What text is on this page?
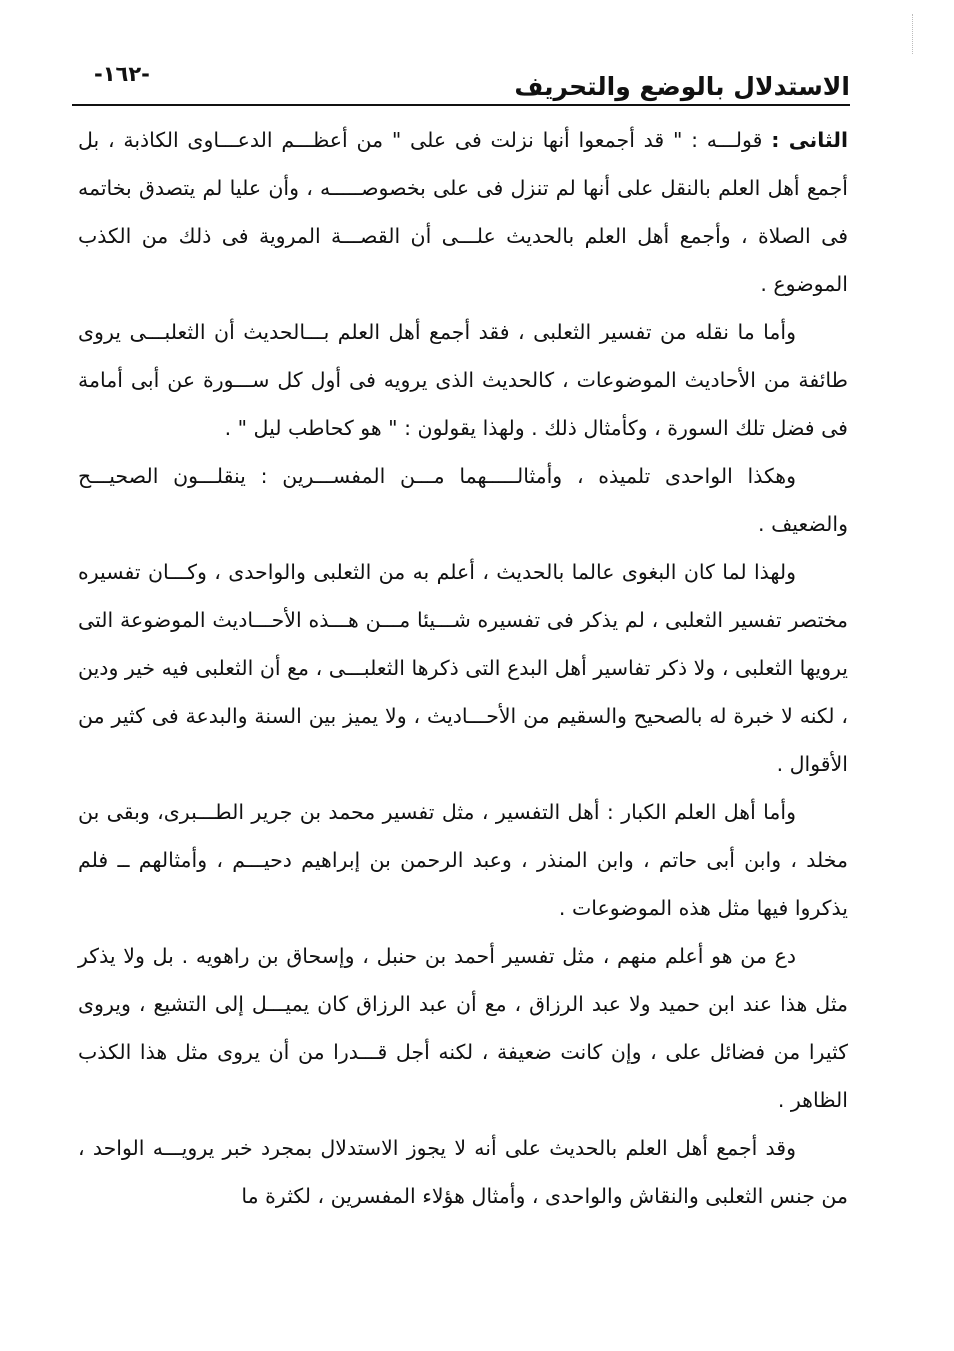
-١٦٢-	الاستدلال بالوضع والتحريف

الثانى : قولـــه : " قد أجمعوا أنها نزلت فى على " من أعظـــم الدعـــاوى الكاذبة ، بل أجمع أهل العلم بالنقل على أنها لم تنزل فى على بخصوصـــــه ، وأن عليا لم يتصدق بخاتمه فى الصلاة ، وأجمع أهل العلم بالحديث علـــى أن القصـــة المروية فى ذلك من الكذب الموضوع .

وأما ما نقله من تفسير الثعلبى ، فقد أجمع أهل العلم بـــالحديث أن الثعلبـــى يروى طائفة من الأحاديث الموضوعات ، كالحديث الذى يرويه فى أول كل ســـورة عن أبى أمامة فى فضل تلك السورة ، وكأمثال ذلك . ولهذا يقولون : " هو كحاطب ليل " .

وهكذا الواحدى تلميذه ، وأمثالـــــهما مـــن المفســـرين : ينقلـــون الصحيـــح والضعيف .

ولهذا لما كان البغوى عالما بالحديث ، أعلم به من الثعلبى والواحدى ، وكـــان تفسيره مختصر تفسير الثعلبى ، لم يذكر فى تفسيره شـــيئا مـــن هـــذه الأحـــاديث الموضوعة التى يرويها الثعلبى ، ولا ذكر تفاسير أهل البدع التى ذكرها الثعلبـــى ، مع أن الثعلبى فيه خير ودين ، لكنه لا خبرة له بالصحيح والسقيم من الأحـــاديث ، ولا يميز بين السنة والبدعة فى كثير من الأقوال .

وأما أهل العلم الكبار : أهل التفسير ، مثل تفسير محمد بن جرير الطـــبرى، وبقى بن مخلد ، وابن أبى حاتم ، وابن المنذر ، وعبد الرحمن بن إبراهيم دحيـــم ، وأمثالهم ــ فلم يذكروا فيها مثل هذه الموضوعات .

دع من هو أعلم منهم ، مثل تفسير أحمد بن حنبل ، وإسحاق بن راهويه . بل ولا يذكر مثل هذا عند ابن حميد ولا عبد الرزاق ، مع أن عبد الرزاق كان يميـــل إلى التشيع ، ويروى كثيرا من فضائل على ، وإن كانت ضعيفة ، لكنه أجل قـــدرا من أن يروى مثل هذا الكذب الظاهر .

وقد أجمع أهل العلم بالحديث على أنه لا يجوز الاستدلال بمجرد خبر يرويـــه الواحد ، من جنس الثعلبى والنقاش والواحدى ، وأمثال هؤلاء المفسرين ، لكثرة ما
